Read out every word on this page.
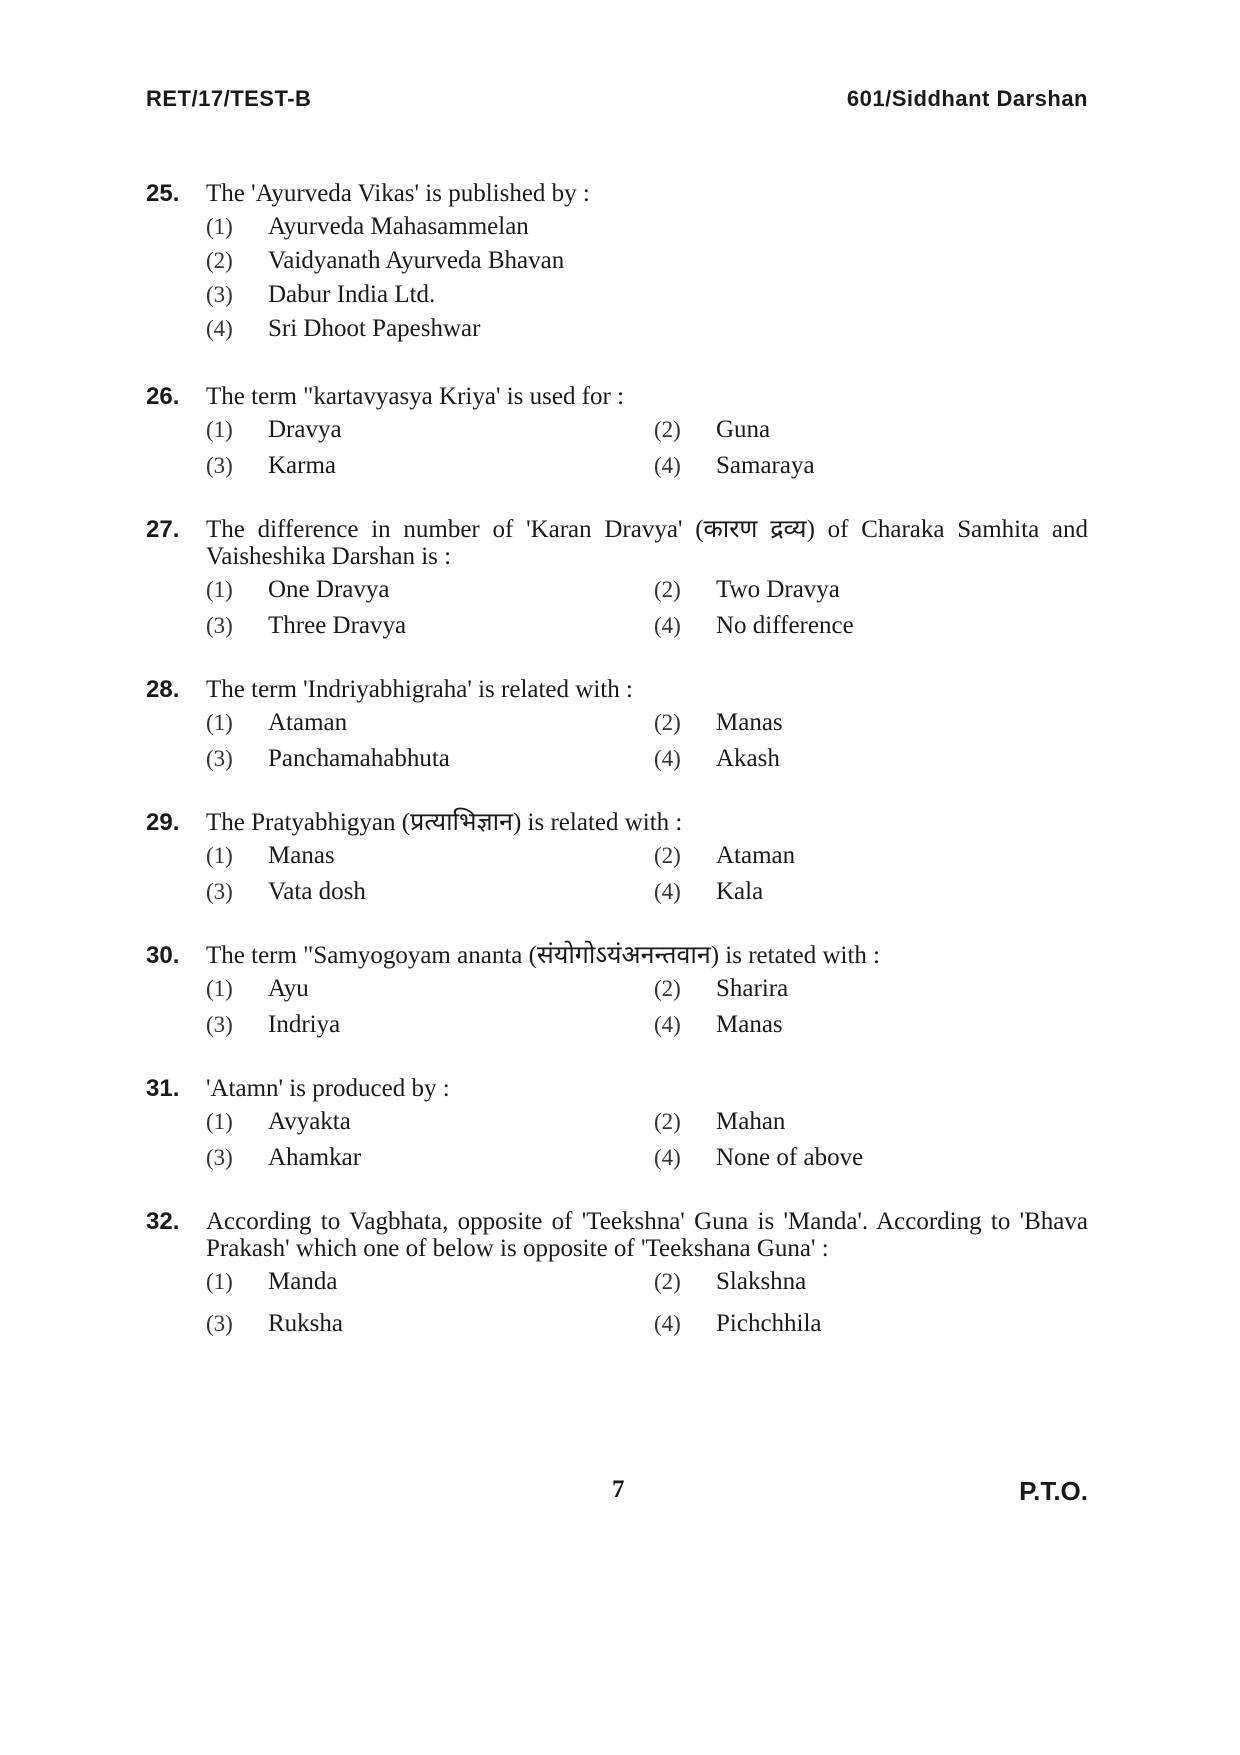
RET/17/TEST-B	601/Siddhant Darshan
25.	The 'Ayurveda Vikas' is published by :
(1)	Ayurveda Mahasammelan
(2)	Vaidyanath Ayurveda Bhavan
(3)	Dabur India Ltd.
(4)	Sri Dhoot Papeshwar
26.	The term "kartavyasya Kriya' is used for :
(1)	Dravya	(2)	Guna
(3)	Karma	(4)	Samaraya
27.	The difference in number of 'Karan Dravya' (कारण द्रव्य) of Charaka Samhita and Vaisheshika Darshan is :
(1)	One Dravya	(2)	Two Dravya
(3)	Three Dravya	(4)	No difference
28.	The term 'Indriyabhigraha' is related with :
(1)	Ataman	(2)	Manas
(3)	Panchamahabhuta	(4)	Akash
29.	The Pratyabhigyan (प्रत्याभिज्ञान) is related with :
(1)	Manas	(2)	Ataman
(3)	Vata dosh	(4)	Kala
30.	The term "Samyogoyam ananta (संयोगोऽयंअनन्तवान) is retated with :
(1)	Ayu	(2)	Sharira
(3)	Indriya	(4)	Manas
31.	'Atamn' is produced by :
(1)	Avyakta	(2)	Mahan
(3)	Ahamkar	(4)	None of above
32.	According to Vagbhata, opposite of 'Teekshna' Guna is 'Manda'. According to 'Bhava Prakash' which one of below is opposite of 'Teekshana Guna' :
(1)	Manda	(2)	Slakshna
(3)	Ruksha	(4)	Pichchhila
7	P.T.O.
